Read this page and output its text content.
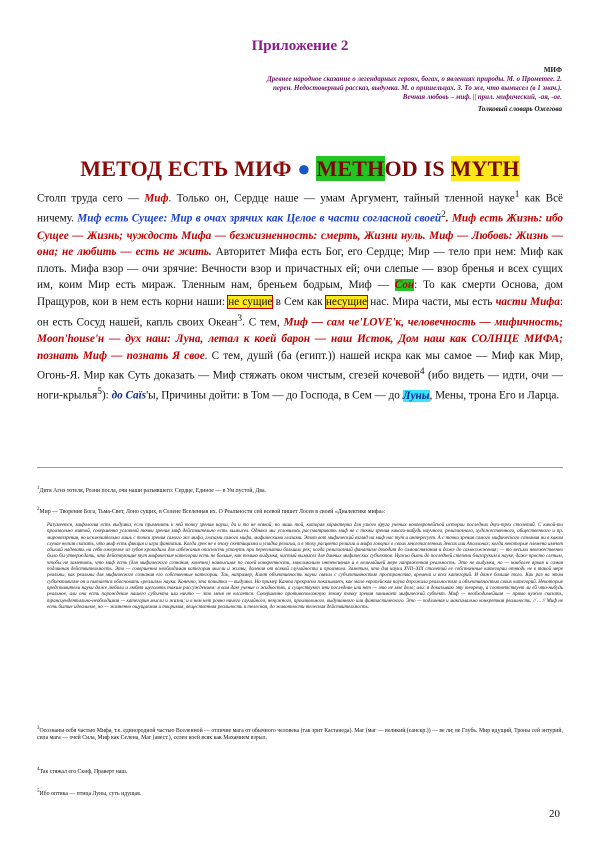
Приложение 2
МИФ
Древнее народное сказание о легендарных героях, богах, о явлениях природы. М. о Прометее. 2. перен. Недостоверный рассказ, выдумка. М. о пришельцах. 3. То же, что вымысел (в 1 знач.). Вечная любовь – миф. || прил. мифический, -ая, -ое.
Толковый словарь Ожегова
МЕТОД ЕСТЬ МИФ ● METHOD IS MYTH
Столп труда сего — Миф. Только он, Сердце наше — умам Аргумент, тайный тленной науке$^1$ как Всё ничему. Миф есть Сущее: Мир в очах зрячих как Целое в части согласной своей$^2$. Миф есть Жизнь: ибо Сущее — Жизнь; чуждость Мифа — безжизненность: смерть, Жизни нуль. Миф — Любовь: Жизнь — она; не любить — есть не жить. Авторитет Мифа есть Бог, его Сердце; Мир — тело при нем: Миф как плоть. Мифа взор — очи зрячие: Вечности взор и причастных ей; очи слепые — взор бренья и всех сущих им, коим Мир есть мираж. Тленным нам, бреньем бодрым, Миф — Сон: То как смерти Основа, дом Пращуров, кои в нем есть корни наши: не сущие в Сем как несущие нас. Мира части, мы есть части Мифа: он есть Сосуд нашей, капль своих Океан$^3$. С тем, Миф — сам че'LOVE'к, человечность — мифичность; Moon'house'н — дух наш: Луна, летал к коей барон — наш Исток, Дом наш как СОЛНЦЕ МИФА; познать Миф — познать Я свое. С тем, душй (ба (египт.)) нашей искра как мы самое — Миф как Мир, Огонь-Я. Мир как Суть доказать — Миф стяжать оком чистым, сгезей кочевой$^4$ (ибо видеть — идти, очи — ноги-крылья$^5$): до Саїs'ы, Причины дойти: в Том — до Господа, в Сем — до Луны, Мены, трона Его и Ларца.
$^1$Дитя Агнэ тотеля, Розни посла, очи наши разъявшего: Сердце, Единое — в Ум пустой, Два.
$^2$Мир — Творение Бога, Тьма-Свет, Лоно сущих, в Селене Вселенная их. О Реальности сей всевой пишет Лосев в своей «Диалектике мифа»:
Разумеется, мифология есть выдумка, если применить к ней точку зрения науки, да и то не всякой, но лишь той, которая характерна для узкого круга ученых новоевропейской истории последних двух-трех столетий. С какой-то произвольно взятой, совершенно условной точки зрения миф действительно есть вымысел. Однако мы условились рассматривать миф не с точки зрения какого-нибудь научного, религиозного, художественного, общественного и пр. мировоззрения, но исключительно лишь с точки зрения самого же мифа, глазами самого мифа, мифическими глазами. Этот вот мифический взгляд на миф нас тут и интересует. А с точки зрения самого мифического сознания ни в каком случае нельзя сказать, что миф есть фикция и игра фантазии. Когда грек не в эпоху скептицизма и упадка религии, а в эпоху расцвета религии и мифа говорил о своих многочисленных Зевсах или Аполлонах; когда некоторые племена имеют обычай надевать на себя ожерелье из зубов крокодила для избежания опасности утонуть при переплытии больших рек; когда религиозный фанатизм доходит до самоистязания и даже до самосожжения; — то весьма невежественно было бы утверждать, что действующие тут мифические категории есть не больше, как только выдумка, чистый вымысел для данных мифических субъектов. Нужно быть до последней степени близоруким в науке, даже просто слепым, чтобы не заметить, что миф есть (для мифического сознания, конечно) наивысшая по своей конкретности, максимально интенсивная и в величайшей мере напряженная реальность. Это не выдумка, но — наиболее яркая и самая подлинная действительность. Это — совершенно необходимая категория мысли и жизни, далекая от всякой случайности и произвола. Заметим, что для науки XVII–XIX столетий ее собственные категории отнюдь не в такой мере реальны, как реальны для мифического сознания его собственные категории. Так, например, Кант объективность науки связал с субъективностью пространства, времени и всех категорий. И даже больше того. Как раз на этом субъективизме он и пытается обосновать «реализм» науки. Конечно, эта попытка — выдумка. Но пример Канта прекрасно показывает, как мало европейская наука дорожила реальностью и объективностью своих категорий. Некоторые представители науки даже любили и любят щеголять таким рассуждением: я вам даю учение о жидкостях, а существуют эти последние или нет — это не мое дело; или: я доказываю эту теорему, а соответствует ли ей что-нибудь реальное, или она есть порождение нашего субъекта или ничто — это меня не касается. Совершенно противоположную этому точку зрения занимает мифический субъект. Миф — необходимейшая — прямо нужно сказать, трансцендентально-необходимая — категория мысли и жизни; и в нем нет ровно ничего случайного, ненужного, произвольного, выдуманного или фантастического. Это — подлинная и максимально конкретная реальность. // ... // Миф не есть бытие идеальное, но — жизненно ощущаемая и творимая, вещественная реальность и телесная, до животности телесная действительность.
$^3$Осознаны себя частью Мифа, т.е. единородной частью Вселенной — отличие мага от обычного человека (так зрит Кастанеда). Маг (маг — великий (санскр.)) — ве ли; ве Глубь. Мир идущий, Троны сей энтурий, сила мага — очей Сила, Миф как Селена, Маг (авест.), селен коей всяк как Махамием взрыл.
$^4$Так стяжал его Скиф, Праверт наш.
$^5$Ибо оптика — птица Луны, суть идущая.
20
